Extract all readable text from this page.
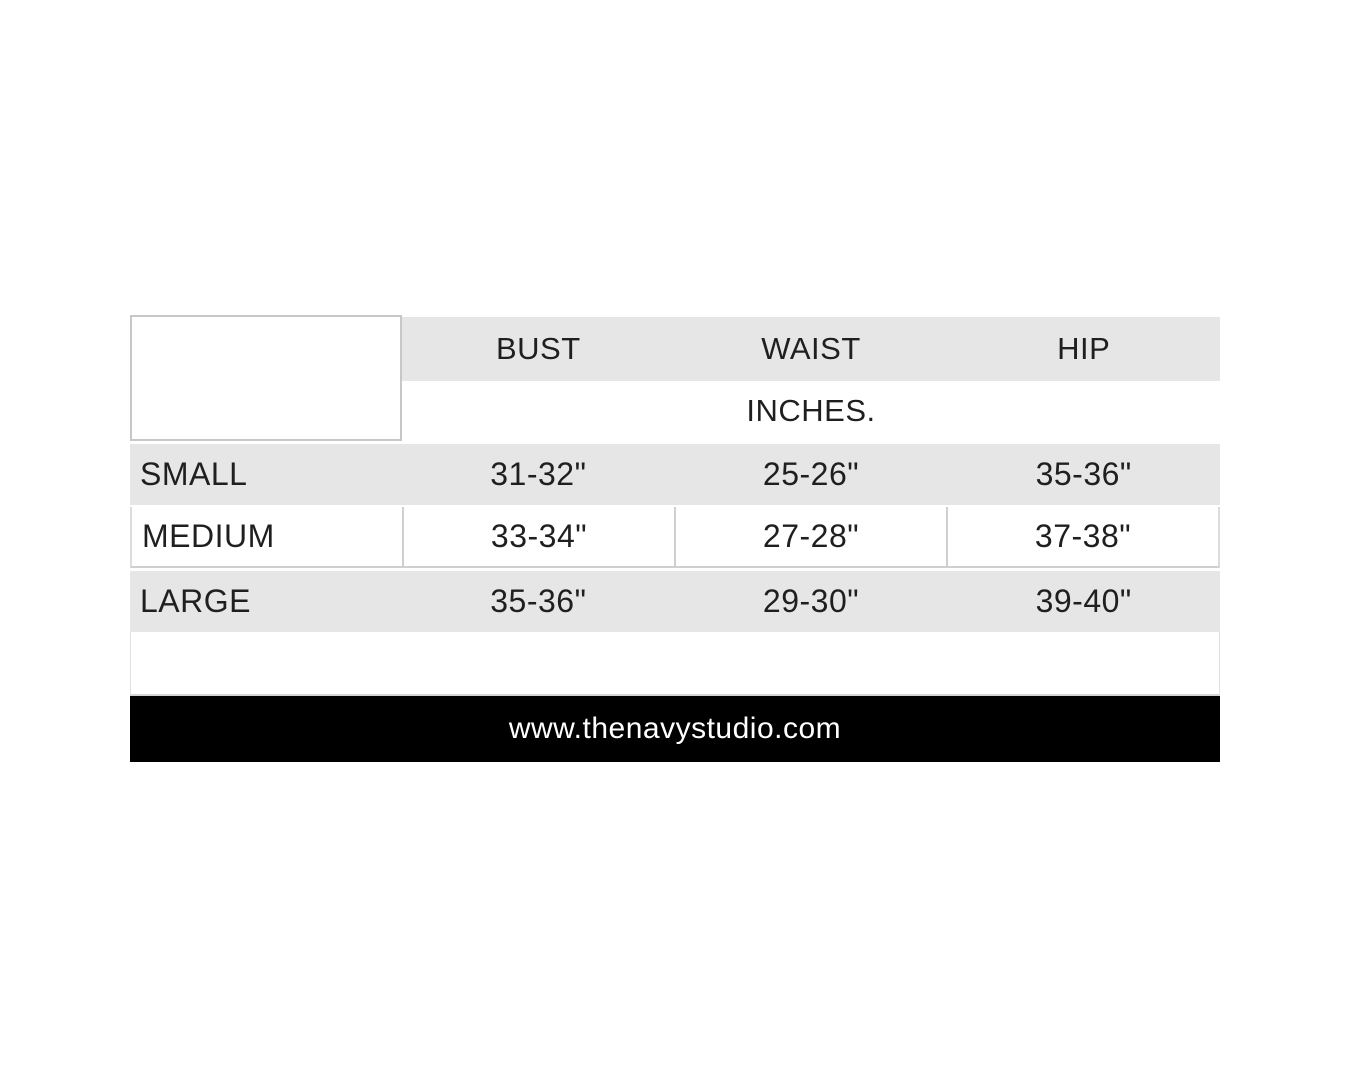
BUST	WAIST	HIP
INCHES.
SMALL	31-32"	25-26"	35-36"
MEDIUM	33-34"	27-28"	37-38"
LARGE	35-36"	29-30"	39-40"
www.thenavystudio.com
